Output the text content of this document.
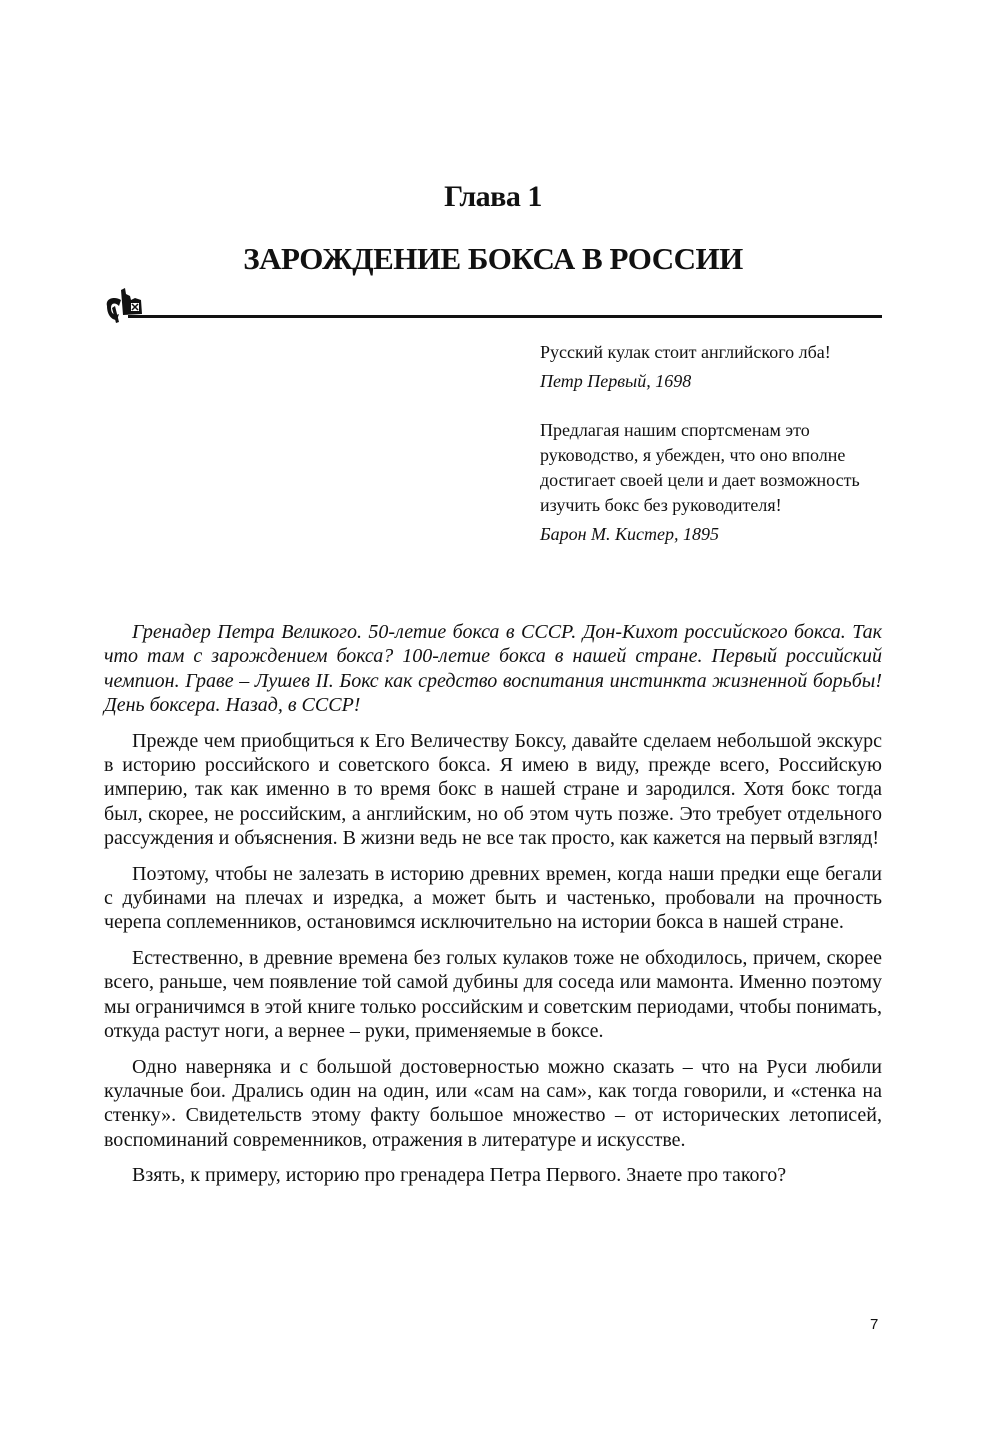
Глава 1
ЗАРОЖДЕНИЕ БОКСА В РОССИИ

Русский кулак стоит английского лба!

Петр Первый, 1698

Предлагая нашим спортсменам это руководство, я убежден, что оно вполне достигает своей цели и дает возможность изучить бокс без руководителя!

Барон М. Кистер, 1895

Гренадер Петра Великого. 50-летие бокса в СССР. Дон-Кихот российского бокса. Так что там с зарождением бокса? 100-летие бокса в нашей стране. Первый российский чемпион. Граве – Лушев II. Бокс как средство воспитания инстинкта жизненной борьбы! День боксера. Назад, в СССР!

Прежде чем приобщиться к Его Величеству Боксу, давайте сделаем небольшой экскурс в историю российского и советского бокса. Я имею в виду, прежде всего, Российскую империю, так как именно в то время бокс в нашей стране и зародился. Хотя бокс тогда был, скорее, не российским, а английским, но об этом чуть позже. Это требует отдельного рассуждения и объяснения. В жизни ведь не все так просто, как кажется на первый взгляд!

Поэтому, чтобы не залезать в историю древних времен, когда наши предки еще бегали с дубинами на плечах и изредка, а может быть и частенько, пробовали на прочность черепа соплеменников, остановимся исключительно на истории бокса в нашей стране.

Естественно, в древние времена без голых кулаков тоже не обходилось, причем, скорее всего, раньше, чем появление той самой дубины для соседа или мамонта. Именно поэтому мы ограничимся в этой книге только российским и советским периодами, чтобы понимать, откуда растут ноги, а вернее – руки, применяемые в боксе.

Одно наверняка и с большой достоверностью можно сказать – что на Руси любили кулачные бои. Дрались один на один, или «сам на сам», как тогда говорили, и «стенка на стенку». Свидетельств этому факту большое множество – от исторических летописей, воспоминаний современников, отражения в литературе и искусстве.

Взять, к примеру, историю про гренадера Петра Первого. Знаете про такого?

7
